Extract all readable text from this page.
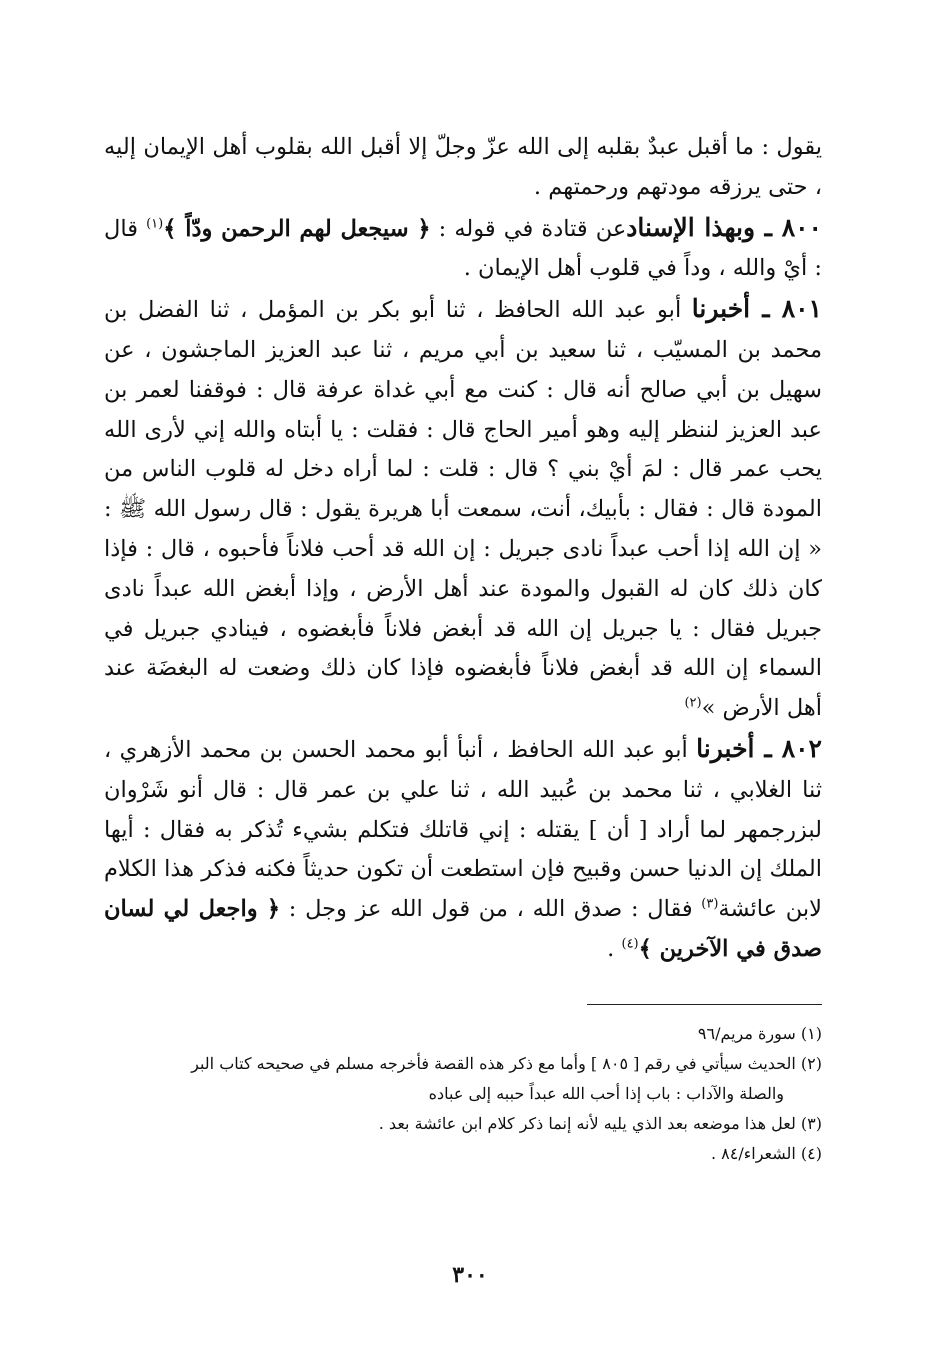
يقول : ما أقبل عبدٌ بقلبه إلى الله عزّ وجلّ إلا أقبل الله بقلوب أهل الإيمان إليه ، حتى يرزقه مودتهم ورحمتهم .

٨٠٠ ـ وبهذا الإسنادعن قتادة في قوله : ﴿ سيجعل لهم الرحمن ودّاً ﴾$^{(١)}$ قال : أيْ والله ، وداً في قلوب أهل الإيمان .

٨٠١ ـ أخبرنا أبو عبد الله الحافظ ، ثنا أبو بكر بن المؤمل ، ثنا الفضل بن محمد بن المسيّب ، ثنا سعيد بن أبي مريم ، ثنا عبد العزيز الماجشون ، عن سهيل بن أبي صالح أنه قال : كنت مع أبي غداة عرفة قال : فوقفنا لعمر بن عبد العزيز لننظر إليه وهو أمير الحاج قال : فقلت : يا أبتاه والله إني لأرى الله يحب عمر قال : لمَ أيْ بني ؟ قال : قلت : لما أراه دخل له قلوب الناس من المودة قال : فقال : بأبيك، أنت، سمعت أبا هريرة يقول : قال رسول الله ﷺ : « إن الله إذا أحب عبداً نادى جبريل : إن الله قد أحب فلاناً فأحبوه ، قال : فإذا كان ذلك كان له القبول والمودة عند أهل الأرض ، وإذا أبغض الله عبداً نادى جبريل فقال : يا جبريل إن الله قد أبغض فلاناً فأبغضوه ، فينادي جبريل في السماء إن الله قد أبغض فلاناً فأبغضوه فإذا كان ذلك وضعت له البغضَة عند أهل الأرض »$^{(٢)}$

٨٠٢ ـ أخبرنا أبو عبد الله الحافظ ، أنبأ أبو محمد الحسن بن محمد الأزهري ، ثنا الغلابي ، ثنا محمد بن عُبيد الله ، ثنا علي بن عمر قال : قال أنو شَرْوان لبزرجمهر لما أراد [ أن ] يقتله : إني قاتلك فتكلم بشيء تُذكر به فقال : أيها الملك إن الدنيا حسن وقبيح فإن استطعت أن تكون حديثاً فكنه فذكر هذا الكلام لابن عائشة$^{(٣)}$ فقال : صدق الله ، من قول الله عز وجل : ﴿ واجعل لي لسان صدق في الآخرين ﴾$^{(٤)}$ .

(١) سورة مريم/٩٦

(٢) الحديث سيأتي في رقم [ ٨٠٥ ] وأما مع ذكر هذه القصة فأخرجه مسلم في صحيحه كتاب البر

والصلة والآداب : باب إذا أحب الله عبداً حببه إلى عباده

(٣) لعل هذا موضعه بعد الذي يليه لأنه إنما ذكر كلام ابن عائشة بعد .

(٤) الشعراء/٨٤ .

٣٠٠
